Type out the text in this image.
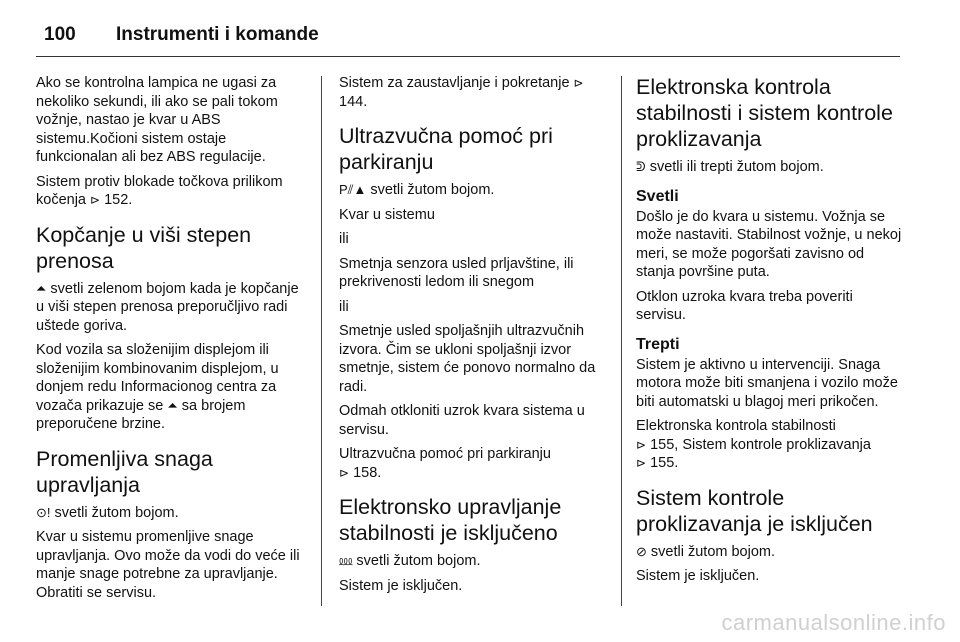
100	Instrumenti i komande

Ako se kontrolna lampica ne ugasi za nekoliko sekundi, ili ako se pali tokom vožnje, nastao je kvar u ABS sistemu.Kočioni sistem ostaje funkcionalan ali bez ABS regulacije.

Sistem protiv blokade točkova prilikom kočenja ⊳ 152.

Kopčanje u viši stepen prenosa

⏶ svetli zelenom bojom kada je kopčanje u viši stepen prenosa preporučljivo radi uštede goriva.

Kod vozila sa složenijim displejom ili složenijim kombinovanim displejom, u donjem redu Informacionog centra za vozača prikazuje se ⏶ sa brojem preporučene brzine.

Promenljiva snaga upravljanja

⊙! svetli žutom bojom.

Kvar u sistemu promenljive snage upravljanja. Ovo može da vodi do veće ili manje snage potrebne za upravljanje. Obratiti se servisu.

Sistem za zaustavljanje i pokretanje ⊳ 144.

Ultrazvučna pomoć pri parkiranju

P⫽▲ svetli žutom bojom.

Kvar u sistemu

ili

Smetnja senzora usled prljavštine, ili prekrivenosti ledom ili snegom

ili

Smetnje usled spoljašnjih ultrazvučnih izvora. Čim se ukloni spoljašnji izvor smetnje, sistem će ponovo normalno da radi.

Odmah otkloniti uzrok kvara sistema u servisu.

Ultrazvučna pomoć pri parkiranju
⊳ 158.

Elektronsko upravljanje stabilnosti je isključeno

⅏ svetli žutom bojom.

Sistem je isključen.

Elektronska kontrola stabilnosti i sistem kontrole proklizavanja

ᕲ svetli ili trepti žutom bojom.

Svetli

Došlo je do kvara u sistemu. Vožnja se može nastaviti. Stabilnost vožnje, u nekoj meri, se može pogoršati zavisno od stanja površine puta.

Otklon uzroka kvara treba poveriti servisu.

Trepti

Sistem je aktivno u intervenciji. Snaga motora može biti smanjena i vozilo može biti automatski u blagoj meri prikočen.

Elektronska kontrola stabilnosti
⊳ 155, Sistem kontrole proklizavanja
⊳ 155.

Sistem kontrole proklizavanja je isključen

⊘ svetli žutom bojom.

Sistem je isključen.

carmanualsonline.info
